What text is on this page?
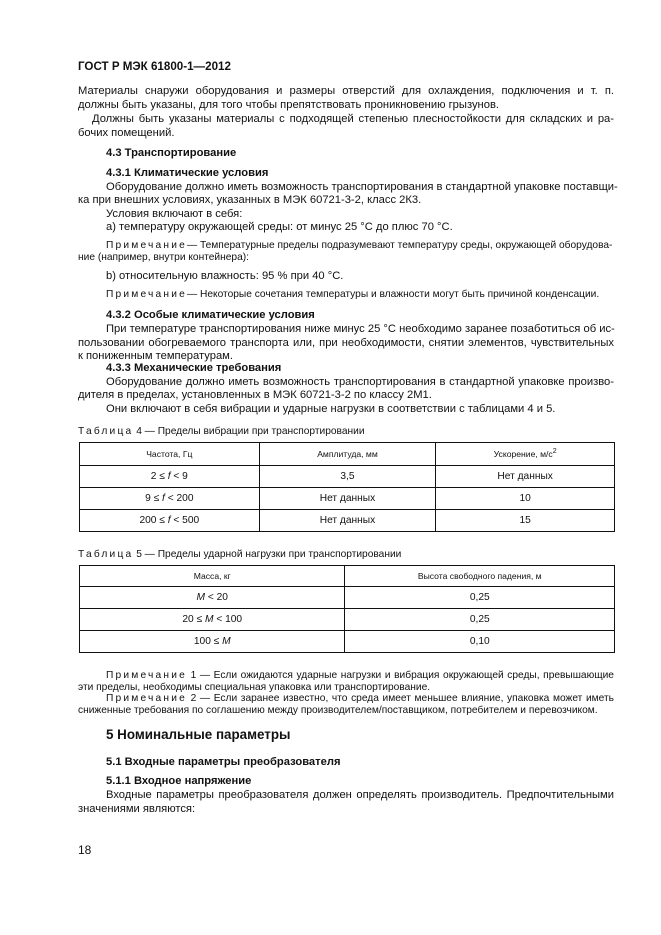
ГОСТ Р МЭК 61800-1—2012
Материалы снаружи оборудования и размеры отверстий для охлаждения, подключения и т. п.
должны быть указаны, для того чтобы препятствовать проникновению грызунов.
Должны быть указаны материалы с подходящей степенью плесностойкости для складских и ра-
бочих помещений.
4.3 Транспортирование
4.3.1 Климатические условия
Оборудование должно иметь возможность транспортирования в стандартной упаковке поставщи-
ка при внешних условиях, указанных в МЭК 60721-3-2, класс 2К3.
Условия включают в себя:
a) температуру окружающей среды: от минус 25 °С до плюс 70 °С.
Примечание— Температурные пределы подразумевают температуру среды, окружающей оборудова-
ние (например, внутри контейнера):
b) относительную влажность: 95 % при 40 °С.
Примечание— Некоторые сочетания температуры и влажности могут быть причиной конденсации.
4.3.2 Особые климатические условия
При температуре транспортирования ниже минус 25 °С необходимо заранее позаботиться об ис-
пользовании обогреваемого транспорта или, при необходимости, снятии элементов, чувствительных
к пониженным температурам.
4.3.3 Механические требования
Оборудование должно иметь возможность транспортирования в стандартной упаковке произво-
дителя в пределах, установленных в МЭК 60721-3-2 по классу 2М1.
Они включают в себя вибрации и ударные нагрузки в соответствии с таблицами 4 и 5.
Таблица 4 — Пределы вибрации при транспортировании
Частота, Гц	Амплитуда, мм	Ускорение, $м/с^2$
2 ≤ f < 9	3,5	Нет данных
9 ≤ f < 200	Нет данных	10
200 ≤ f < 500	Нет данных	15
Таблица 5 — Пределы ударной нагрузки при транспортировании
Масса, кг	Высота свободного падения, м
M < 20	0,25
20 ≤ M < 100	0,25
100 ≤ M	0,10
Примечание 1 — Если ожидаются ударные нагрузки и вибрация окружающей среды, превышающие
эти пределы, необходимы специальная упаковка или транспортирование.
Примечание 2 — Если заранее известно, что среда имеет меньшее влияние, упаковка может иметь
сниженные требования по соглашению между производителем/поставщиком, потребителем и перевозчиком.
5 Номинальные параметры
5.1 Входные параметры преобразователя
5.1.1 Входное напряжение
Входные параметры преобразователя должен определять производитель. Предпочтительными
значениями являются:
18
